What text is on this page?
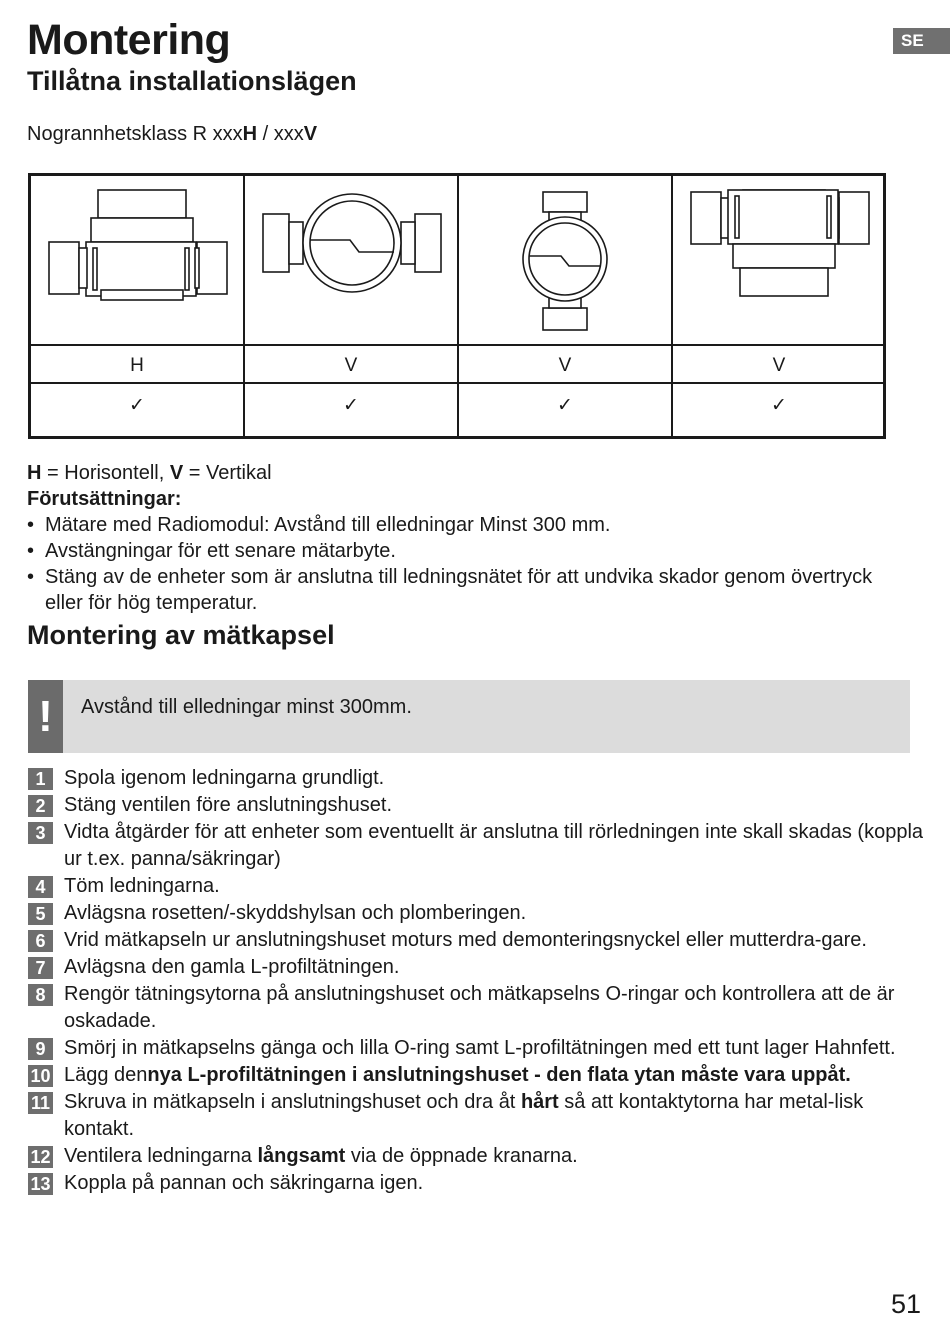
Montering
Tillåtna installationslägen
SE
Nogrannhetsklass R xxxH / xxxV
H	V	V	V
✓	✓	✓	✓
H = Horisontell, V = Vertikal
Förutsättningar:
• Mätare med Radiomodul: Avstånd till elledningar Minst 300 mm.
• Avstängningar för ett senare mätarbyte.
• Stäng av de enheter som är anslutna till ledningsnätet för att undvika skador genom övertryck eller för hög temperatur.
Montering av mätkapsel
!	Avstånd till elledningar minst 300mm.
1 Spola igenom ledningarna grundligt.
2 Stäng ventilen före anslutningshuset.
3 Vidta åtgärder för att enheter som eventuellt är anslutna till rörledningen inte skall skadas (koppla ur t.ex. panna/säkringar)
4 Töm ledningarna.
5 Avlägsna rosetten/-skyddshylsan och plomberingen.
6 Vrid mätkapseln ur anslutningshuset moturs med demonteringsnyckel eller mutterdra-gare.
7 Avlägsna den gamla L-profiltätningen.
8 Rengör tätningsytorna på anslutningshuset och mätkapselns O-ringar och kontrollera att de är oskadade.
9 Smörj in mätkapselns gänga och lilla O-ring samt L-profiltätningen med ett tunt lager Hahnfett.
10 Lägg dennya L-profiltätningen i anslutningshuset - den flata ytan måste vara uppåt.
11 Skruva in mätkapseln i anslutningshuset och dra åt hårt så att kontaktytorna har metal-lisk kontakt.
12 Ventilera ledningarna långsamt via de öppnade kranarna.
13 Koppla på pannan och säkringarna igen.
51
